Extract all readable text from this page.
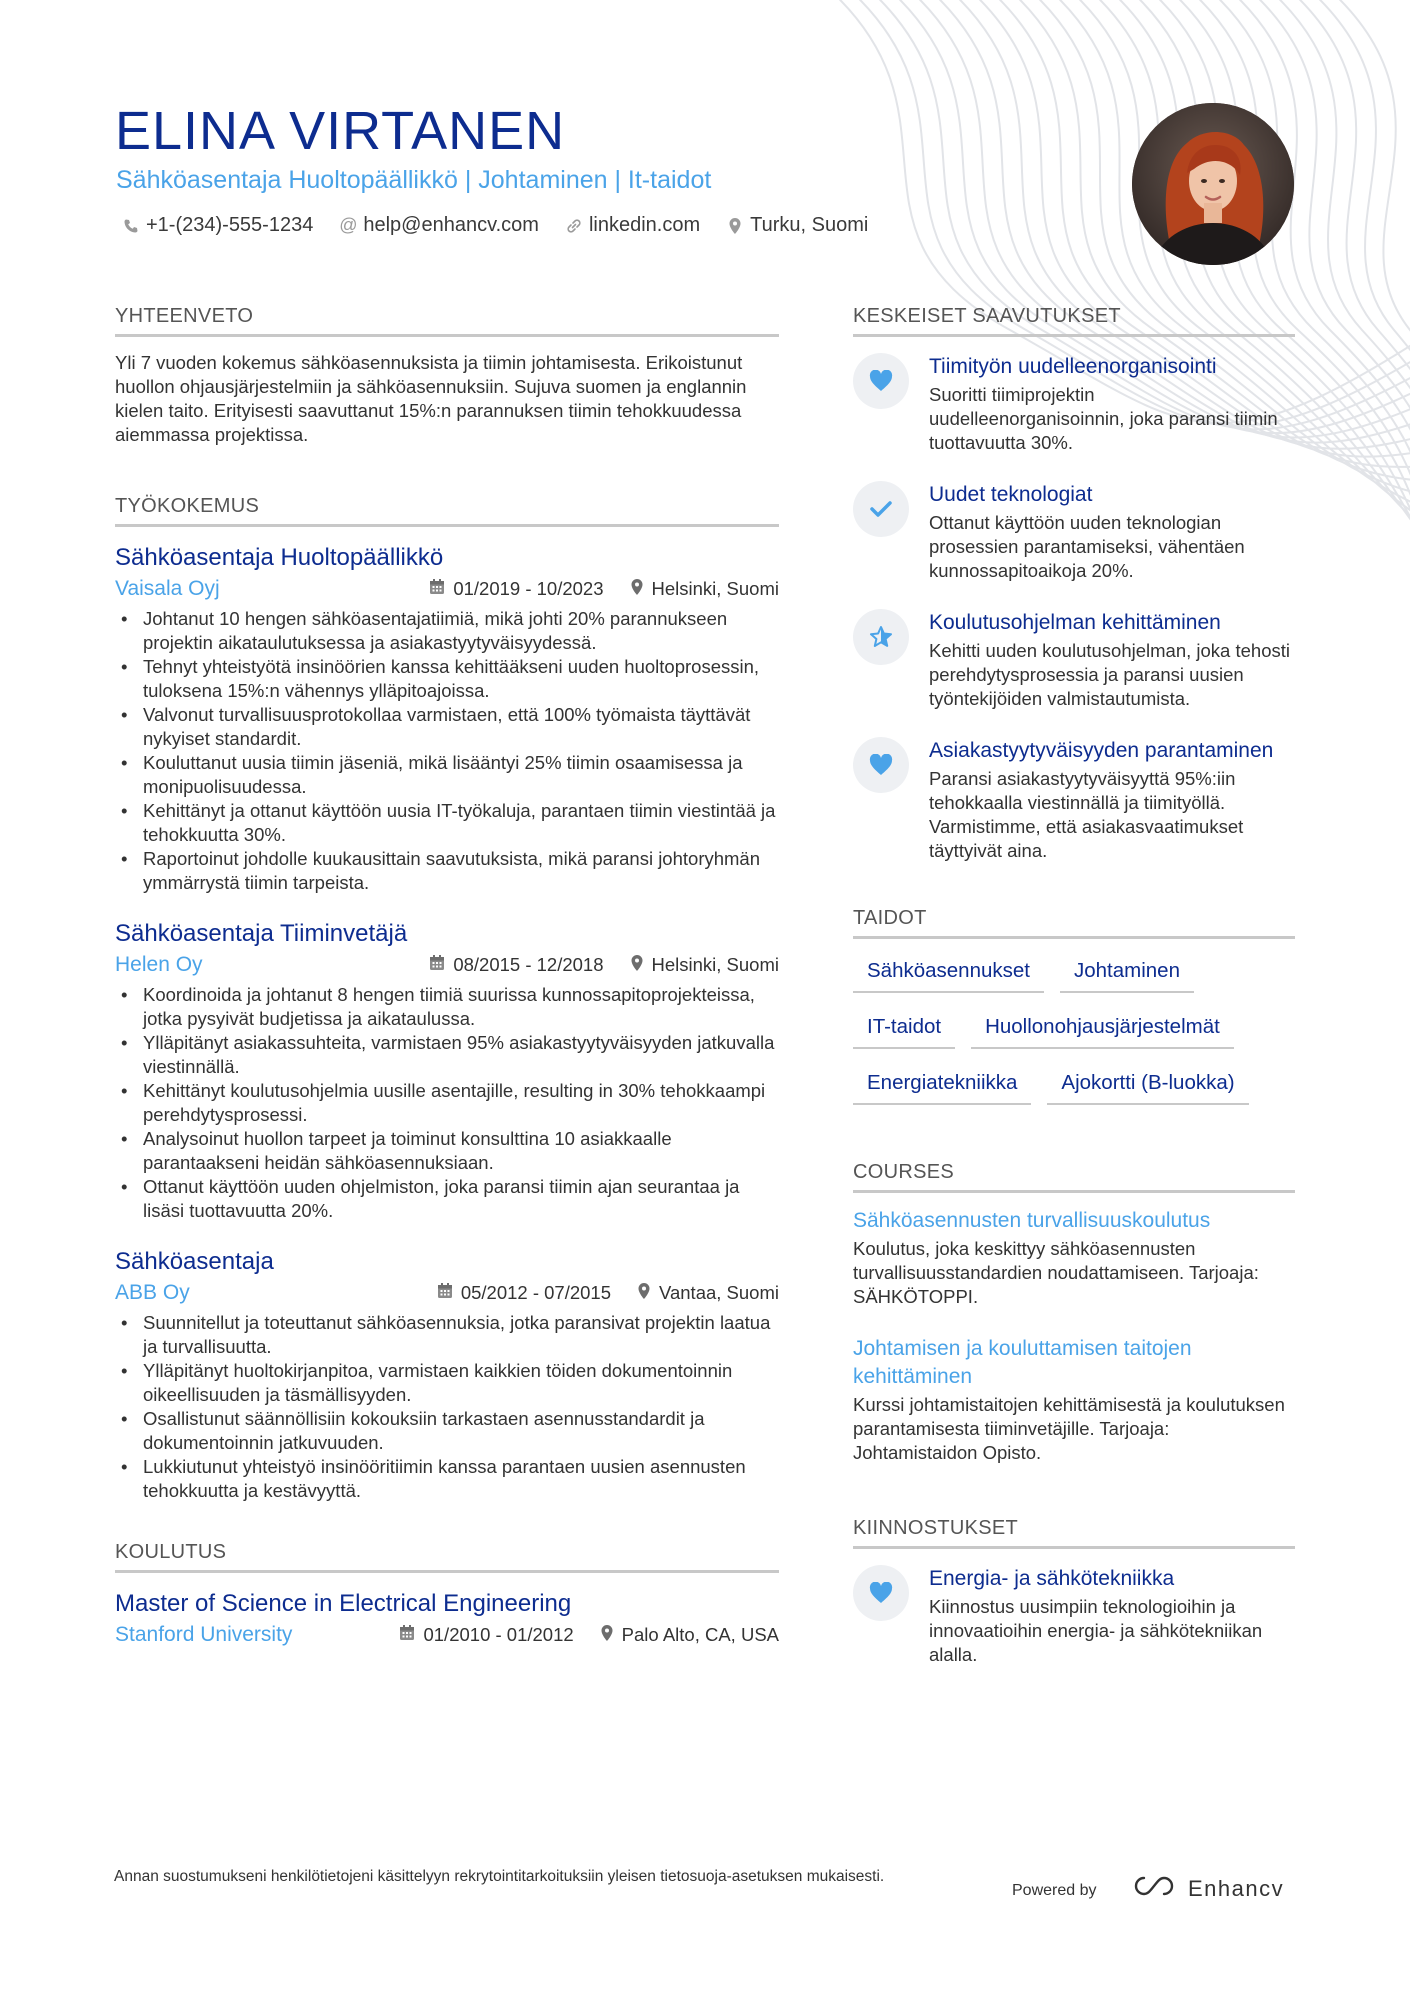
ELINA VIRTANEN
Sähköasentaja Huoltopäällikkö | Johtaminen | It-taidot
+1-(234)-555-1234 @ help@enhancv.com	linkedin.com	Turku, Suomi
YHTEENVETO

Yli 7 vuoden kokemus sähköasennuksista ja tiimin johtamisesta. Erikoistunut huollon ohjausjärjestelmiin ja sähköasennuksiin. Sujuva suomen ja englannin kielen taito. Erityisesti saavuttanut 15%:n parannuksen tiimin tehokkuudessa aiemmassa projektissa.

TYÖKOKEMUS
Sähköasentaja Huoltopäällikkö
Vaisala Oyj	01/2019 - 10/2023	Helsinki, Suomi
• Johtanut 10 hengen sähköasentajatiimiä, mikä johti 20% parannukseen projektin aikataulutuksessa ja asiakastyytyväisyydessä.
• Tehnyt yhteistyötä insinöörien kanssa kehittääkseni uuden huoltoprosessin, tuloksena 15%:n vähennys ylläpitoajoissa.
• Valvonut turvallisuusprotokollaa varmistaen, että 100% työmaista täyttävät nykyiset standardit.
• Kouluttanut uusia tiimin jäseniä, mikä lisääntyi 25% tiimin osaamisessa ja monipuolisuudessa.
• Kehittänyt ja ottanut käyttöön uusia IT-työkaluja, parantaen tiimin viestintää ja tehokkuutta 30%.
• Raportoinut johdolle kuukausittain saavutuksista, mikä paransi johtoryhmän ymmärrystä tiimin tarpeista.
Sähköasentaja Tiiminvetäjä
Helen Oy	08/2015 - 12/2018	Helsinki, Suomi
• Koordinoida ja johtanut 8 hengen tiimiä suurissa kunnossapitoprojekteissa, jotka pysyivät budjetissa ja aikataulussa.
• Ylläpitänyt asiakassuhteita, varmistaen 95% asiakastyytyväisyyden jatkuvalla viestinnällä.
• Kehittänyt koulutusohjelmia uusille asentajille, resulting in 30% tehokkaampi perehdytysprosessi.
• Analysoinut huollon tarpeet ja toiminut konsulttina 10 asiakkaalle parantaakseni heidän sähköasennuksiaan.
• Ottanut käyttöön uuden ohjelmiston, joka paransi tiimin ajan seurantaa ja lisäsi tuottavuutta 20%.
Sähköasentaja
ABB Oy	05/2012 - 07/2015	Vantaa, Suomi
• Suunnitellut ja toteuttanut sähköasennuksia, jotka paransivat projektin laatua ja turvallisuutta.
• Ylläpitänyt huoltokirjanpitoa, varmistaen kaikkien töiden dokumentoinnin oikeellisuuden ja täsmällisyyden.
• Osallistunut säännöllisiin kokouksiin tarkastaen asennusstandardit ja dokumentoinnin jatkuvuuden.
• Lukkiutunut yhteistyö insinööritiimin kanssa parantaen uusien asennusten tehokkuutta ja kestävyyttä.
KOULUTUS
Master of Science in Electrical Engineering
Stanford University	01/2010 - 01/2012	Palo Alto, CA, USA
KESKEISET SAAVUTUKSET
Tiimityön uudelleenorganisointi
Suoritti tiimiprojektin uudelleenorganisoinnin, joka paransi tiimin tuottavuutta 30%.
Uudet teknologiat
Ottanut käyttöön uuden teknologian prosessien parantamiseksi, vähentäen kunnossapitoaikoja 20%.
Koulutusohjelman kehittäminen
Kehitti uuden koulutusohjelman, joka tehosti perehdytysprosessia ja paransi uusien työntekijöiden valmistautumista.
Asiakastyytyväisyyden parantaminen
Paransi asiakastyytyväisyyttä 95%:iin tehokkaalla viestinnällä ja tiimityöllä. Varmistimme, että asiakasvaatimukset täyttyivät aina.
TAIDOT
Sähköasennukset	Johtaminen
IT-taidot	Huollonohjausjärjestelmät
Energiatekniikka	Ajokortti (B-luokka)
COURSES
Sähköasennusten turvallisuuskoulutus
Koulutus, joka keskittyy sähköasennusten turvallisuusstandardien noudattamiseen. Tarjoaja: SÄHKÖTOPPI.
Johtamisen ja kouluttamisen taitojen kehittäminen
Kurssi johtamistaitojen kehittämisestä ja koulutuksen parantamisesta tiiminvetäjille. Tarjoaja: Johtamistaidon Opisto.
KIINNOSTUKSET
Energia- ja sähkötekniikka
Kiinnostus uusimpiin teknologioihin ja innovaatioihin energia- ja sähkötekniikan alalla.
Annan suostumukseni henkilötietojeni käsittelyyn rekrytointitarkoituksiin yleisen tietosuoja-asetuksen mukaisesti.
Powered by	Enhancv
